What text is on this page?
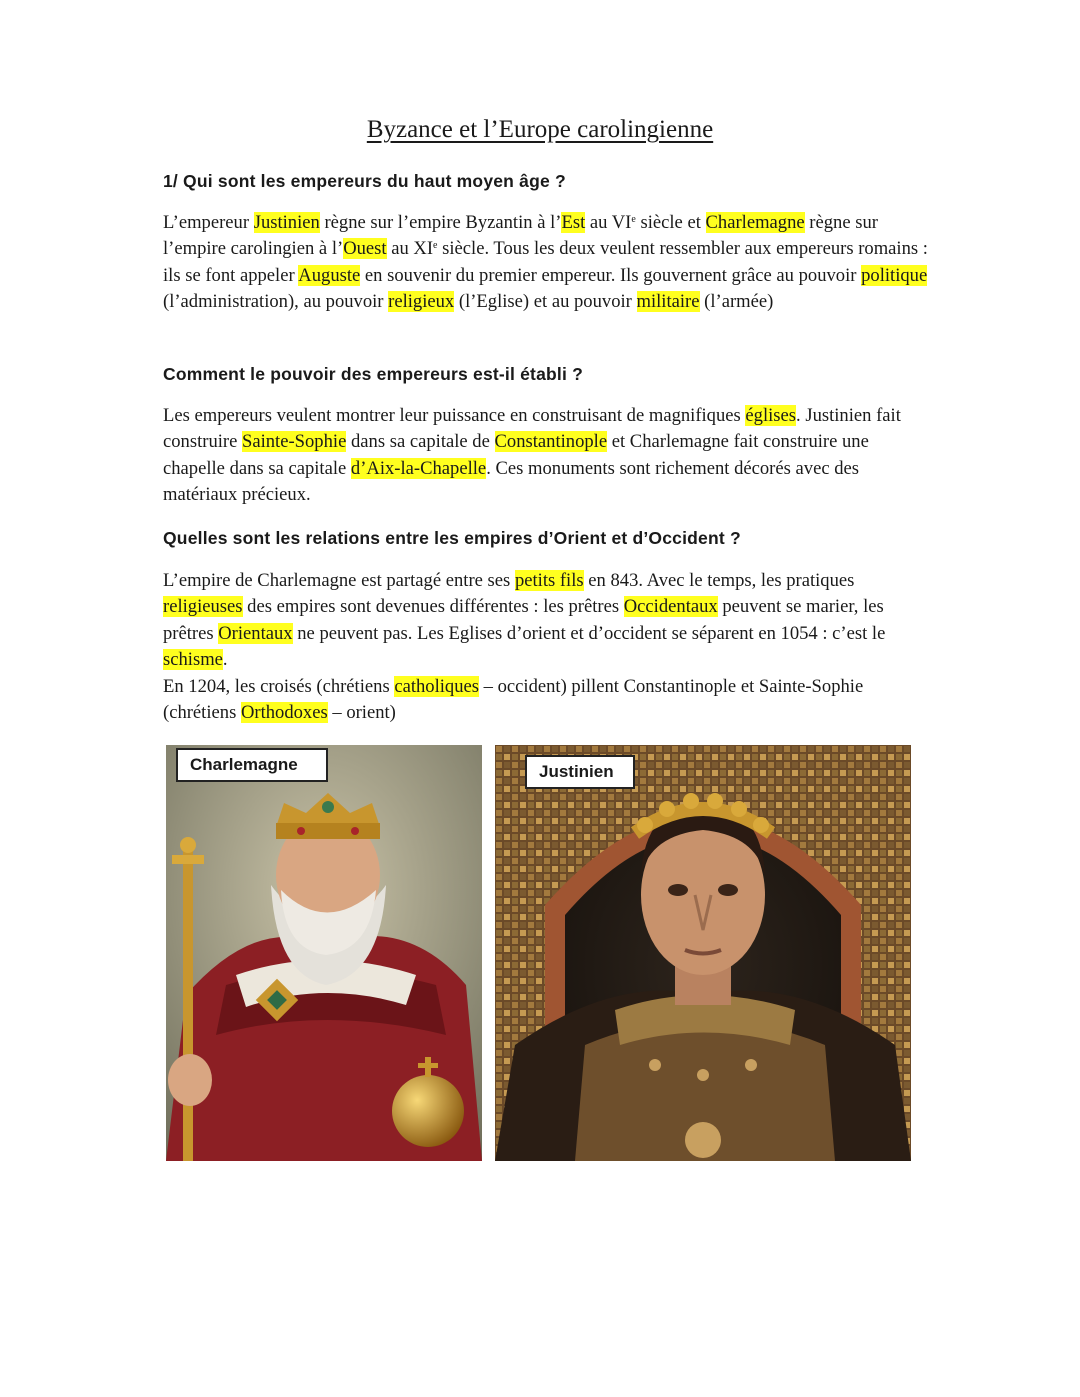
Byzance et l’Europe carolingienne
1/ Qui sont les empereurs du haut moyen âge ?
L’empereur Justinien règne sur l’empire Byzantin à l’Est au VIe siècle et Charlemagne règne sur l’empire carolingien à l’Ouest au XIe siècle. Tous les deux veulent ressembler aux empereurs romains : ils se font appeler Auguste en souvenir du premier empereur. Ils gouvernent grâce au pouvoir politique (l’administration), au pouvoir religieux (l’Eglise) et au pouvoir militaire (l’armée)
Comment le pouvoir des empereurs est-il établi ?
Les empereurs veulent montrer leur puissance en construisant de magnifiques églises. Justinien fait construire Sainte-Sophie dans sa capitale de Constantinople et Charlemagne fait construire une chapelle dans sa capitale d’Aix-la-Chapelle. Ces monuments sont richement décorés avec des matériaux précieux.
Quelles sont les relations entre les empires d’Orient et d’Occident ?
L’empire de Charlemagne est partagé entre ses petits fils en 843. Avec le temps, les pratiques religieuses des empires sont devenues différentes : les prêtres Occidentaux peuvent se marier, les prêtres Orientaux ne peuvent pas. Les Eglises d’orient et d’occident se séparent en 1054 : c’est le schisme.
En 1204, les croisés (chrétiens catholiques – occident) pillent Constantinople et Sainte-Sophie (chrétiens Orthodoxes – orient)
Charlemagne	Justinien
